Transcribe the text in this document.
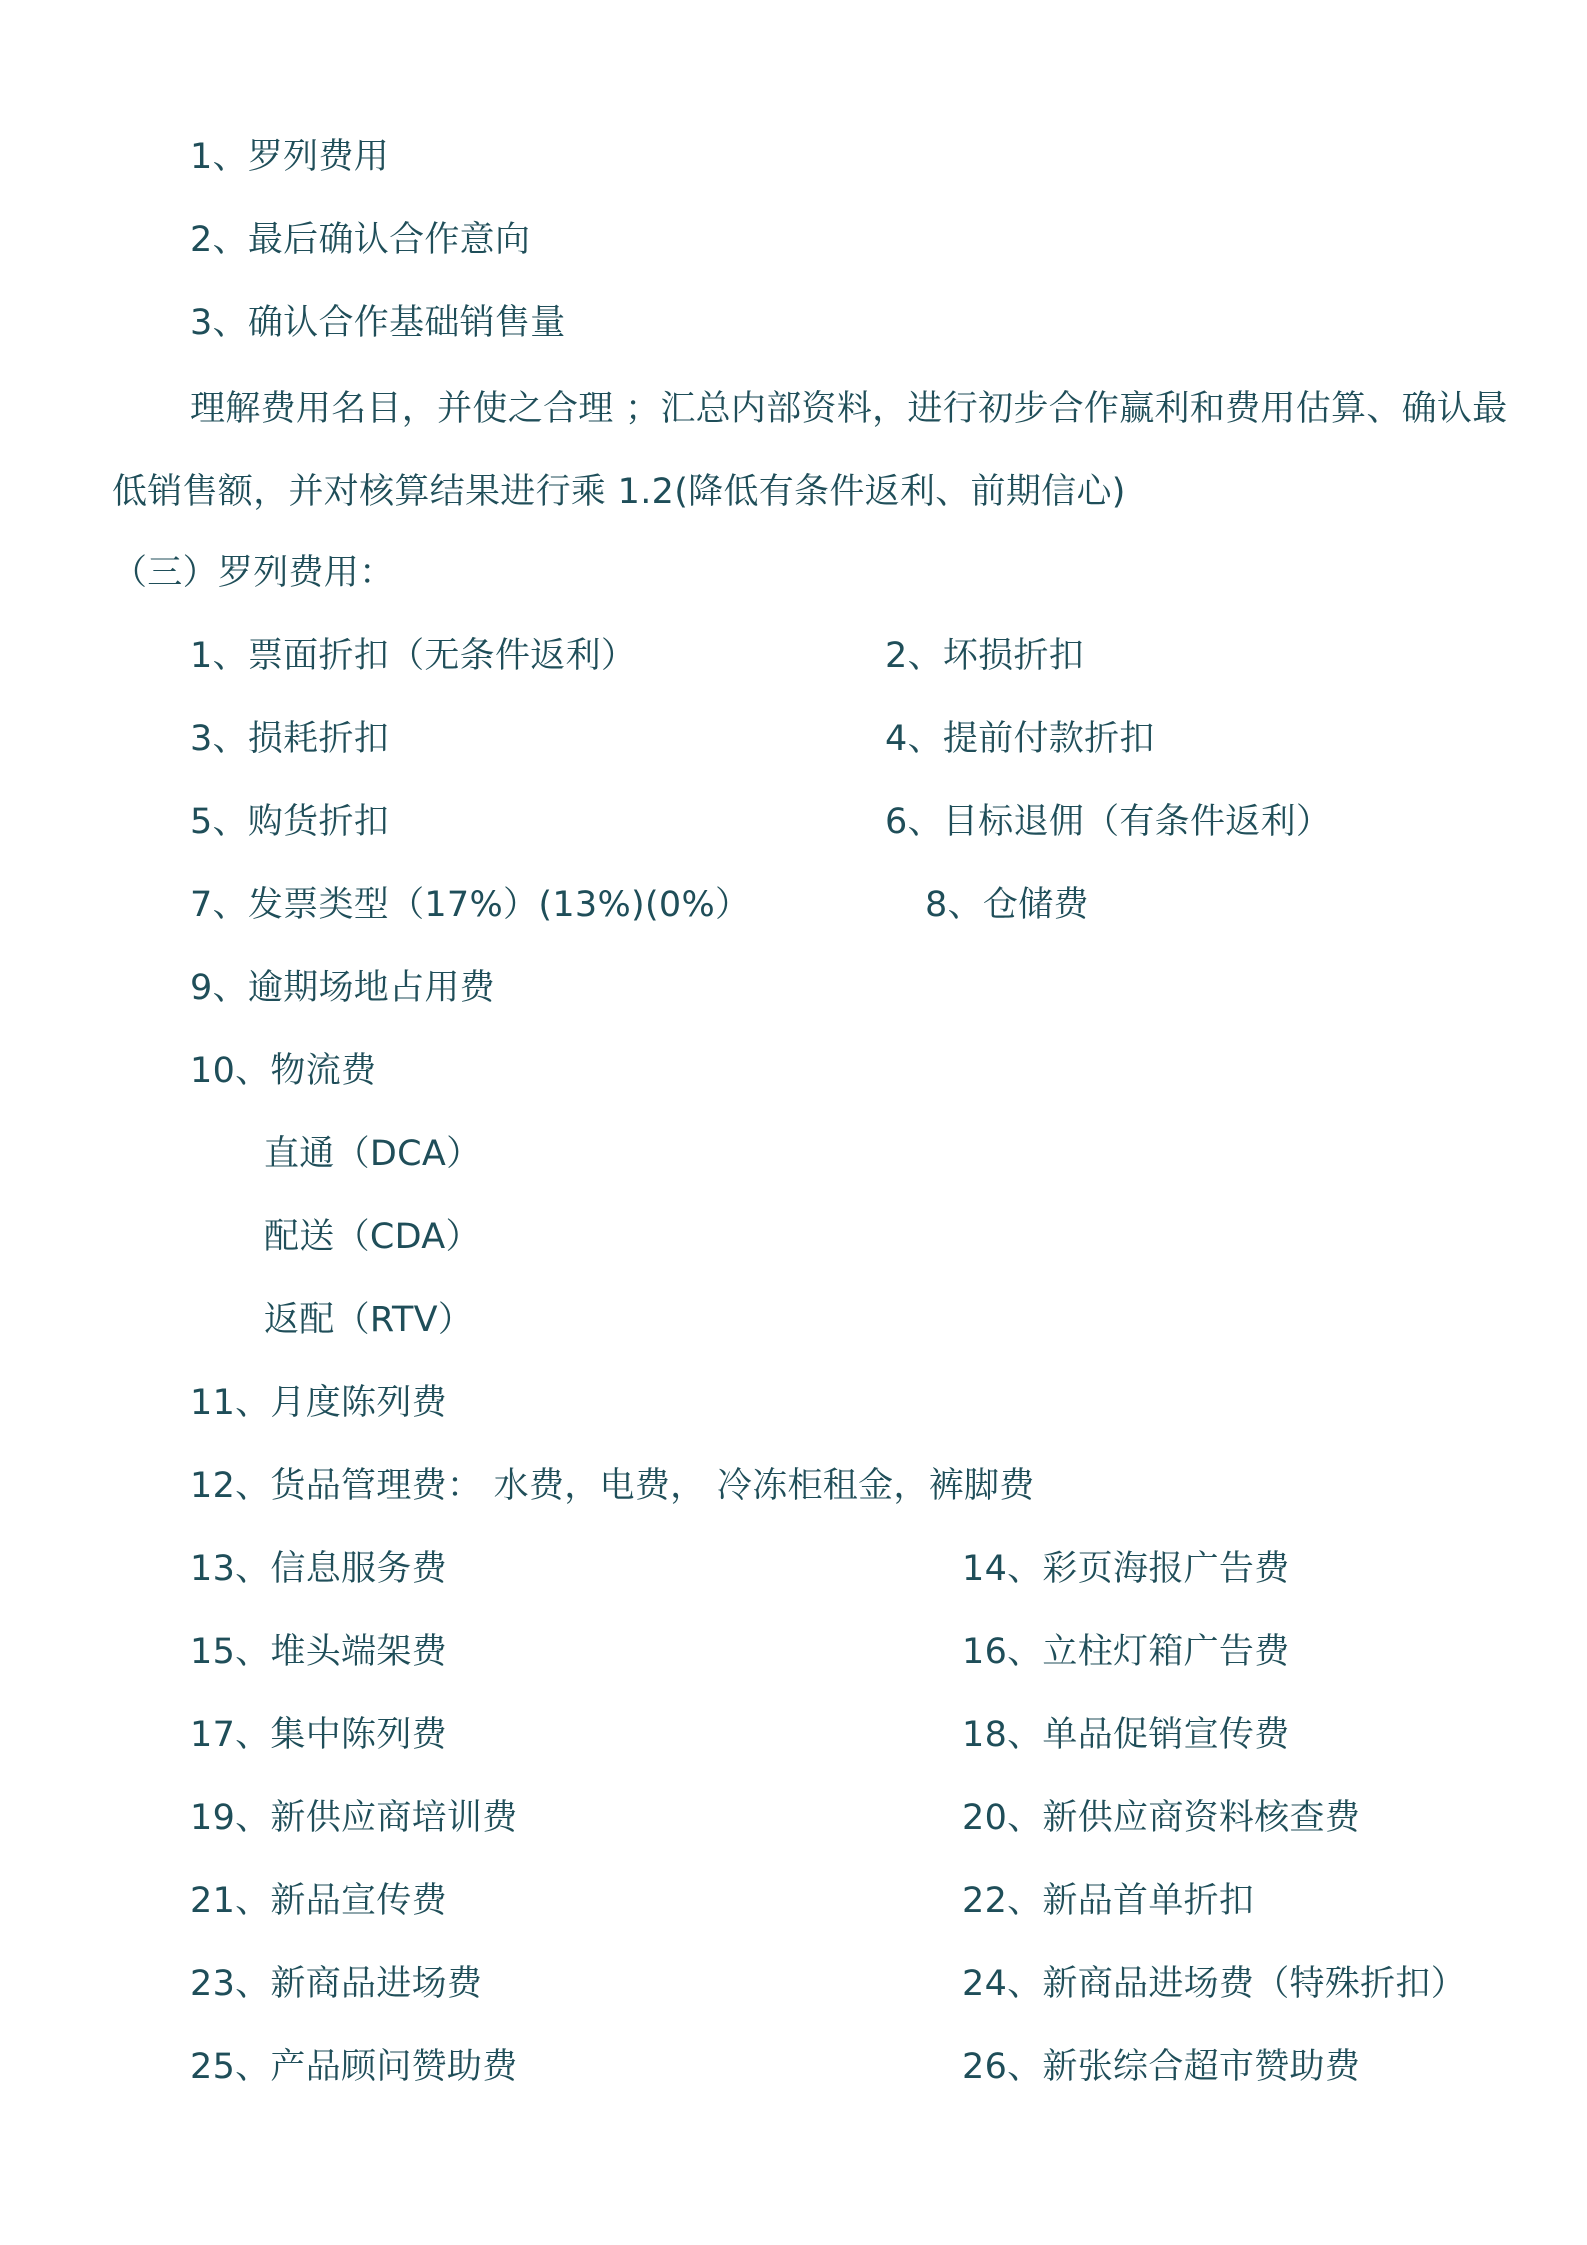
1、罗列费用
2、最后确认合作意向
3、确认合作基础销售量
理解费用名目，并使之合理 ；汇总内部资料，进行初步合作赢利和费用估算、确认最低销售额，并对核算结果进行乘 1.2(降低有条件返利、前期信心)
（三）罗列费用：
1、票面折扣（无条件返利）	2、坏损折扣
3、损耗折扣	4、提前付款折扣
5、购货折扣	6、目标退佣（有条件返利）
7、发票类型（17%）(13%)(0%）	8、仓储费
9、逾期场地占用费
10、物流费
直通（DCA）
配送（CDA）
返配（RTV）
11、月度陈列费
12、货品管理费： 水费，电费， 冷冻柜租金，裤脚费
13、信息服务费	14、彩页海报广告费
15、堆头端架费	16、立柱灯箱广告费
17、集中陈列费	18、单品促销宣传费
19、新供应商培训费	20、新供应商资料核查费
21、新品宣传费	22、新品首单折扣
23、新商品进场费	24、新商品进场费（特殊折扣）
25、产品顾问赞助费	26、新张综合超市赞助费
